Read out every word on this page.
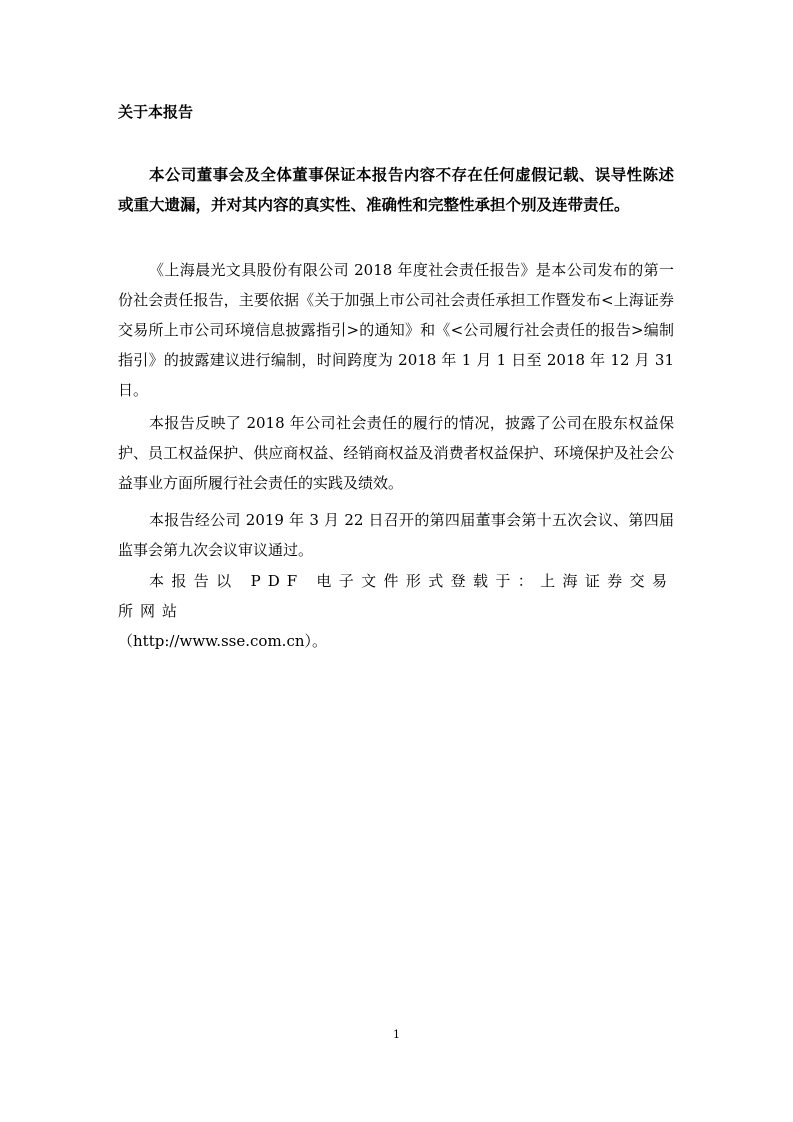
关于本报告
本公司董事会及全体董事保证本报告内容不存在任何虚假记载、误导性陈述或重大遗漏，并对其内容的真实性、准确性和完整性承担个别及连带责任。
《上海晨光文具股份有限公司 2018 年度社会责任报告》是本公司发布的第一份社会责任报告，主要依据《关于加强上市公司社会责任承担工作暨发布<上海证券交易所上市公司环境信息披露指引>的通知》和《<公司履行社会责任的报告>编制指引》的披露建议进行编制，时间跨度为 2018 年 1 月 1 日至 2018 年 12 月 31 日。
本报告反映了 2018 年公司社会责任的履行的情况，披露了公司在股东权益保护、员工权益保护、供应商权益、经销商权益及消费者权益保护、环境保护及社会公益事业方面所履行社会责任的实践及绩效。
本报告经公司 2019 年 3 月 22 日召开的第四届董事会第十五次会议、第四届监事会第九次会议审议通过。
本报告以 PDF 电子文件形式登载于：上海证券交易所网站
（http://www.sse.com.cn）。
1
